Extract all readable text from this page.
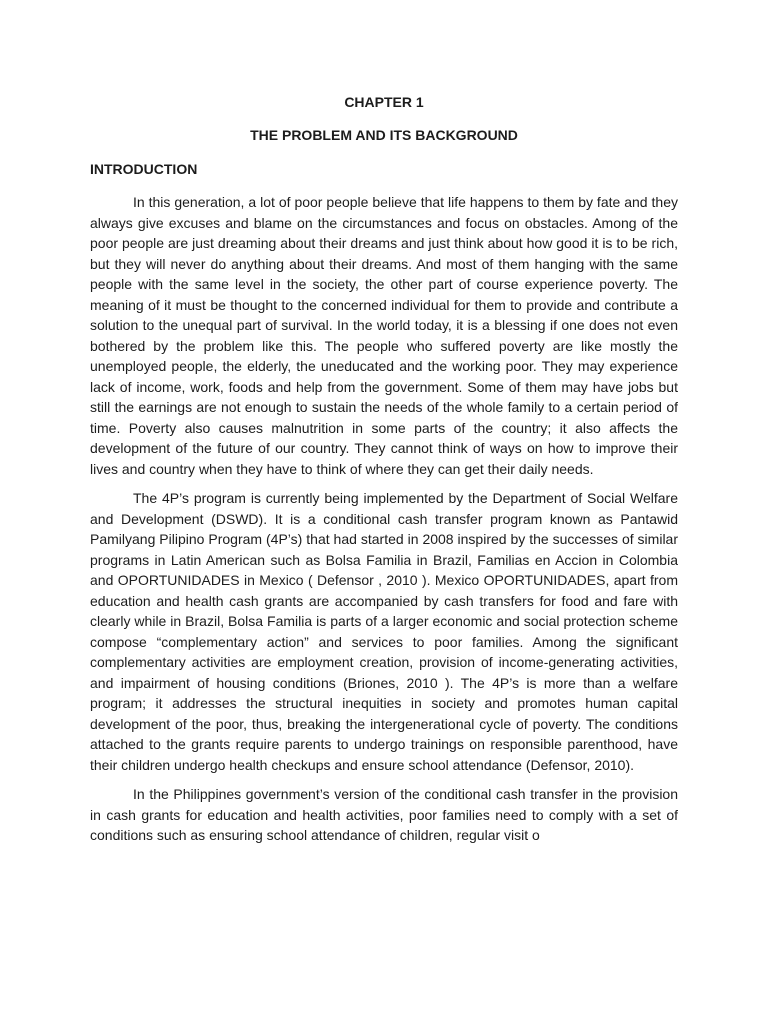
CHAPTER 1
THE PROBLEM AND ITS BACKGROUND
INTRODUCTION

In this generation, a lot of poor people believe that life happens to them by fate and they always give excuses and blame on the circumstances and focus on obstacles. Among of the poor people are just dreaming about their dreams and just think about how good it is to be rich, but they will never do anything about their dreams. And most of them hanging with the same people with the same level in the society, the other part of course experience poverty. The meaning of it must be thought to the concerned individual for them to provide and contribute a solution to the unequal part of survival. In the world today, it is a blessing if one does not even bothered by the problem like this. The people who suffered poverty are like mostly the unemployed people, the elderly, the uneducated and the working poor. They may experience lack of income, work, foods and help from the government. Some of them may have jobs but still the earnings are not enough to sustain the needs of the whole family to a certain period of time. Poverty also causes malnutrition in some parts of the country; it also affects the development of the future of our country. They cannot think of ways on how to improve their lives and country when they have to think of where they can get their daily needs.

The 4P’s program is currently being implemented by the Department of Social Welfare and Development (DSWD). It is a conditional cash transfer program known as Pantawid Pamilyang Pilipino Program (4P’s) that had started in 2008 inspired by the successes of similar programs in Latin American such as Bolsa Familia in Brazil, Familias en Accion in Colombia and OPORTUNIDADES in Mexico ( Defensor , 2010 ). Mexico OPORTUNIDADES, apart from education and health cash grants are accompanied by cash transfers for food and fare with clearly while in Brazil, Bolsa Familia is parts of a larger economic and social protection scheme compose “complementary action” and services to poor families. Among the significant complementary activities are employment creation, provision of income-generating activities, and impairment of housing conditions (Briones, 2010 ). The 4P’s is more than a welfare program; it addresses the structural inequities in society and promotes human capital development of the poor, thus, breaking the intergenerational cycle of poverty. The conditions attached to the grants require parents to undergo trainings on responsible parenthood, have their children undergo health checkups and ensure school attendance (Defensor, 2010).

In the Philippines government’s version of the conditional cash transfer in the provision in cash grants for education and health activities, poor families need to comply with a set of conditions such as ensuring school attendance of children, regular visit o
